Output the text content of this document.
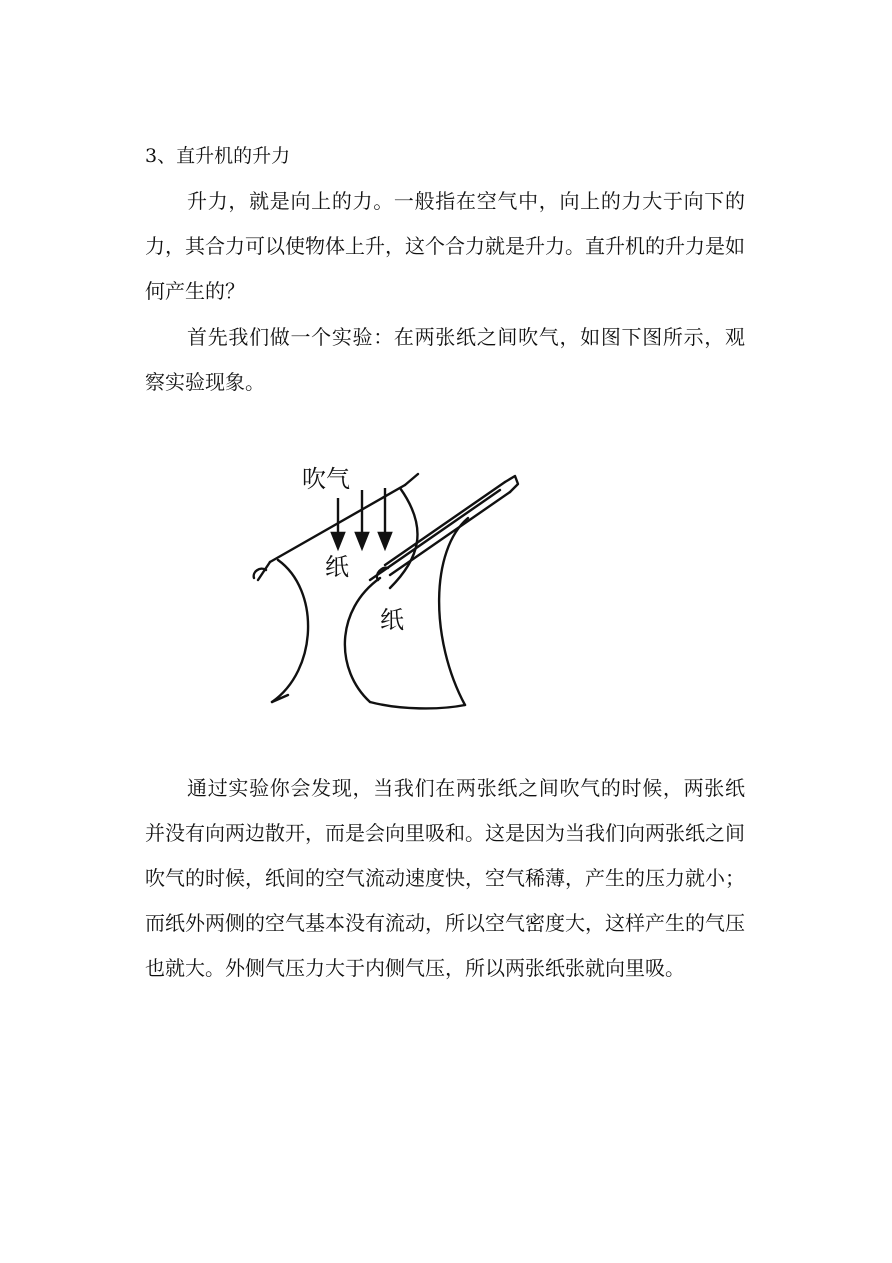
3、直升机的升力

升力，就是向上的力。一般指在空气中，向上的力大于向下的力，其合力可以使物体上升，这个合力就是升力。直升机的升力是如何产生的？

首先我们做一个实验：在两张纸之间吹气，如图下图所示，观察实验现象。

吹气
纸
纸

通过实验你会发现，当我们在两张纸之间吹气的时候，两张纸并没有向两边散开，而是会向里吸和。这是因为当我们向两张纸之间吹气的时候，纸间的空气流动速度快，空气稀薄，产生的压力就小；而纸外两侧的空气基本没有流动，所以空气密度大，这样产生的气压也就大。外侧气压力大于内侧气压，所以两张纸张就向里吸。
